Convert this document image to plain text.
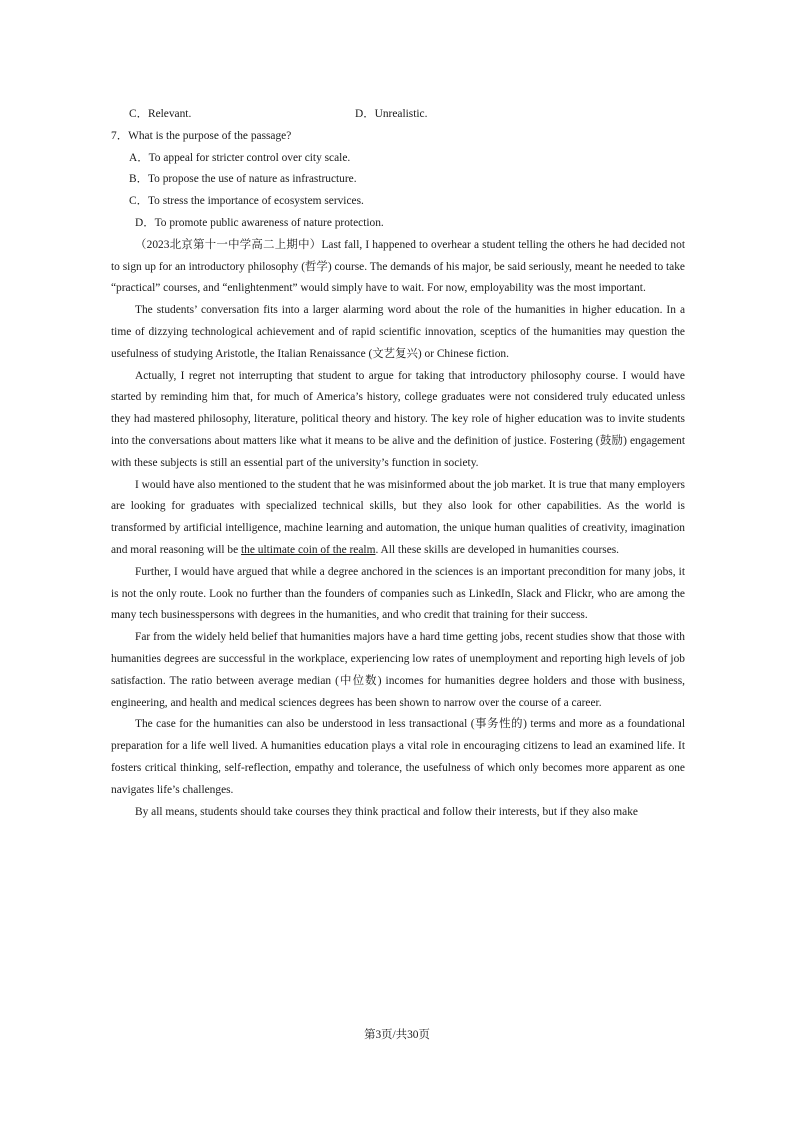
C．Relevant.	D．Unrealistic.

7．What is the purpose of the passage?

A．To appeal for stricter control over city scale.

B．To propose the use of nature as infrastructure.

C．To stress the importance of ecosystem services.

D．To promote public awareness of nature protection.

（2023北京第十一中学高二上期中）Last fall, I happened to overhear a student telling the others he had decided not to sign up for an introductory philosophy (哲学) course. The demands of his major, be said seriously, meant he needed to take “practical” courses, and “enlightenment” would simply have to wait. For now, employability was the most important.

The students’ conversation fits into a larger alarming word about the role of the humanities in higher education. In a time of dizzying technological achievement and of rapid scientific innovation, sceptics of the humanities may question the usefulness of studying Aristotle, the Italian Renaissance (文艺复兴) or Chinese fiction.

Actually, I regret not interrupting that student to argue for taking that introductory philosophy course. I would have started by reminding him that, for much of America’s history, college graduates were not considered truly educated unless they had mastered philosophy, literature, political theory and history. The key role of higher education was to invite students into the conversations about matters like what it means to be alive and the definition of justice. Fostering (鼓励) engagement with these subjects is still an essential part of the university’s function in society.

I would have also mentioned to the student that he was misinformed about the job market. It is true that many employers are looking for graduates with specialized technical skills, but they also look for other capabilities. As the world is transformed by artificial intelligence, machine learning and automation, the unique human qualities of creativity, imagination and moral reasoning will be the ultimate coin of the realm. All these skills are developed in humanities courses.

Further, I would have argued that while a degree anchored in the sciences is an important precondition for many jobs, it is not the only route. Look no further than the founders of companies such as LinkedIn, Slack and Flickr, who are among the many tech businesspersons with degrees in the humanities, and who credit that training for their success.

Far from the widely held belief that humanities majors have a hard time getting jobs, recent studies show that those with humanities degrees are successful in the workplace, experiencing low rates of unemployment and reporting high levels of job satisfaction. The ratio between average median (中位数) incomes for humanities degree holders and those with business, engineering, and health and medical sciences degrees has been shown to narrow over the course of a career.

The case for the humanities can also be understood in less transactional (事务性的) terms and more as a foundational preparation for a life well lived. A humanities education plays a vital role in encouraging citizens to lead an examined life. It fosters critical thinking, self-reflection, empathy and tolerance, the usefulness of which only becomes more apparent as one navigates life’s challenges.

By all means, students should take courses they think practical and follow their interests, but if they also make

第3页/共30页
